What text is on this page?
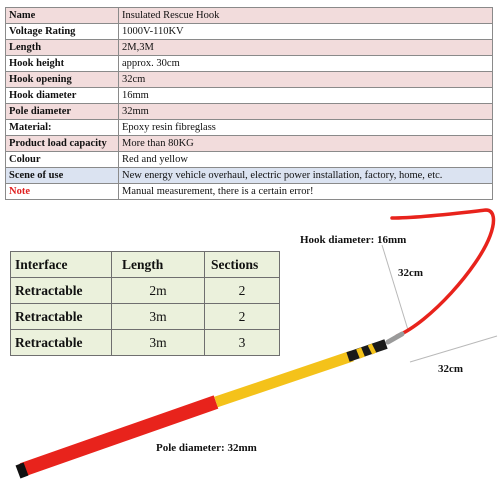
Name	Insulated Rescue Hook
Voltage Rating	1000V-110KV
Length	2M,3M
Hook height	approx. 30cm
Hook opening	32cm
Hook diameter	16mm
Pole diameter	32mm
Material:	Epoxy resin fibreglass
Product load capacity	More than 80KG
Colour	Red and yellow
Scene of use	New energy vehicle overhaul, electric power installation, factory, home, etc.
Note	Manual measurement, there is a certain error!
Hook diameter: 16mm
32cm
32cm
Pole diameter: 32mm
Interface	Length	Sections
Retractable	2m	2
Retractable	3m	2
Retractable	3m	3
